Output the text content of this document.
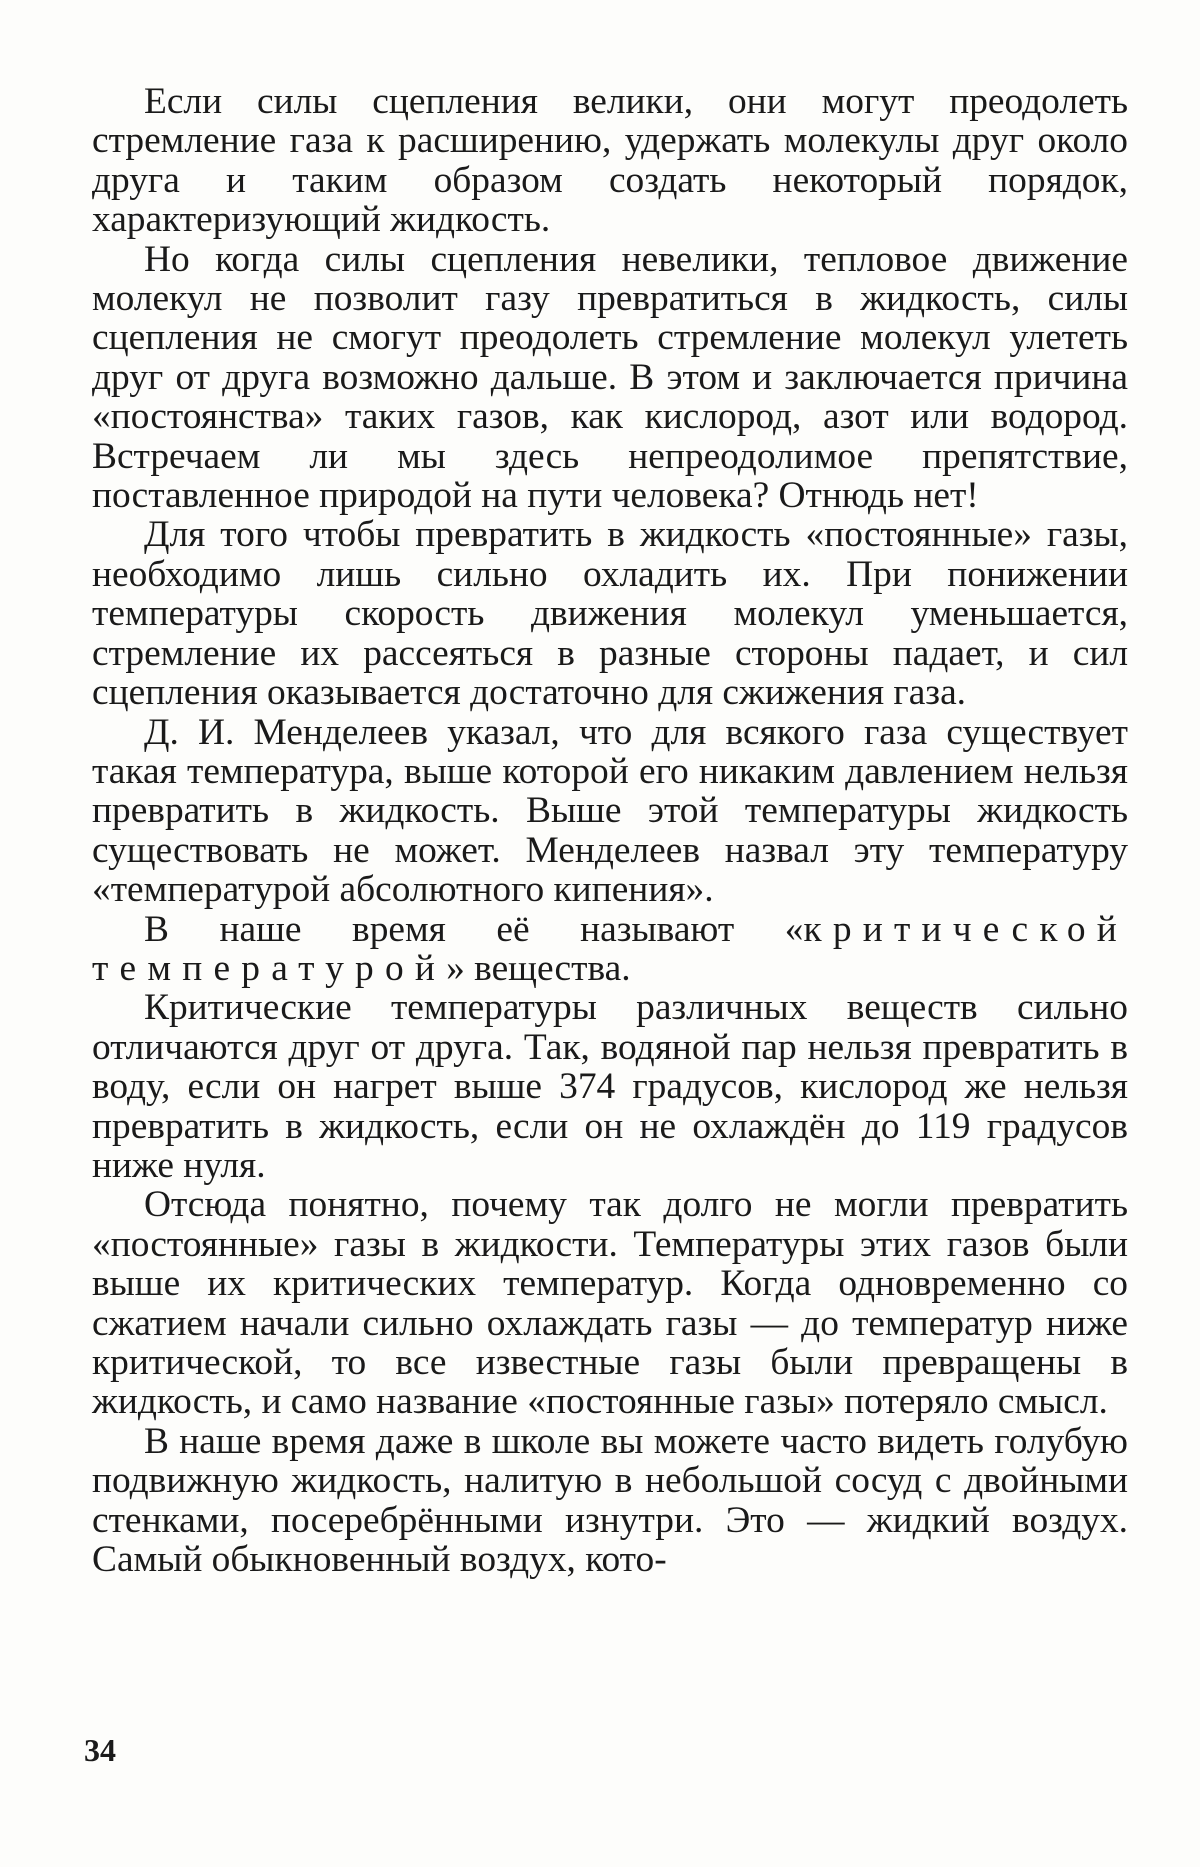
Если силы сцепления велики, они могут преодолеть стремление газа к расширению, удержать молекулы друг около друга и таким образом создать некоторый порядок, характеризующий жидкость.

Но когда силы сцепления невелики, тепловое движение молекул не позволит газу превратиться в жидкость, силы сцепления не смогут преодолеть стремление молекул улететь друг от друга возможно дальше. В этом и заключается причина «постоянства» таких газов, как кислород, азот или водород. Встречаем ли мы здесь непреодолимое препятствие, поставленное природой на пути человека? Отнюдь нет!

Для того чтобы превратить в жидкость «постоянные» газы, необходимо лишь сильно охладить их. При понижении температуры скорость движения молекул уменьшается, стремление их рассеяться в разные стороны падает, и сил сцепления оказывается достаточно для сжижения газа.

Д. И. Менделеев указал, что для всякого газа существует такая температура, выше которой его никаким давлением нельзя превратить в жидкость. Выше этой температуры жидкость существовать не может. Менделеев назвал эту температуру «температурой абсолютного кипения».

В наше время её называют «критической температурой» вещества.

Критические температуры различных веществ сильно отличаются друг от друга. Так, водяной пар нельзя превратить в воду, если он нагрет выше 374 градусов, кислород же нельзя превратить в жидкость, если он не охлаждён до 119 градусов ниже нуля.

Отсюда понятно, почему так долго не могли превратить «постоянные» газы в жидкости. Температуры этих газов были выше их критических температур. Когда одновременно со сжатием начали сильно охлаждать газы — до температур ниже критической, то все известные газы были превращены в жидкость, и само название «постоянные газы» потеряло смысл.

В наше время даже в школе вы можете часто видеть голубую подвижную жидкость, налитую в небольшой сосуд с двойными стенками, посеребрёнными изнутри. Это — жидкий воздух. Самый обыкновенный воздух, кото-

34
